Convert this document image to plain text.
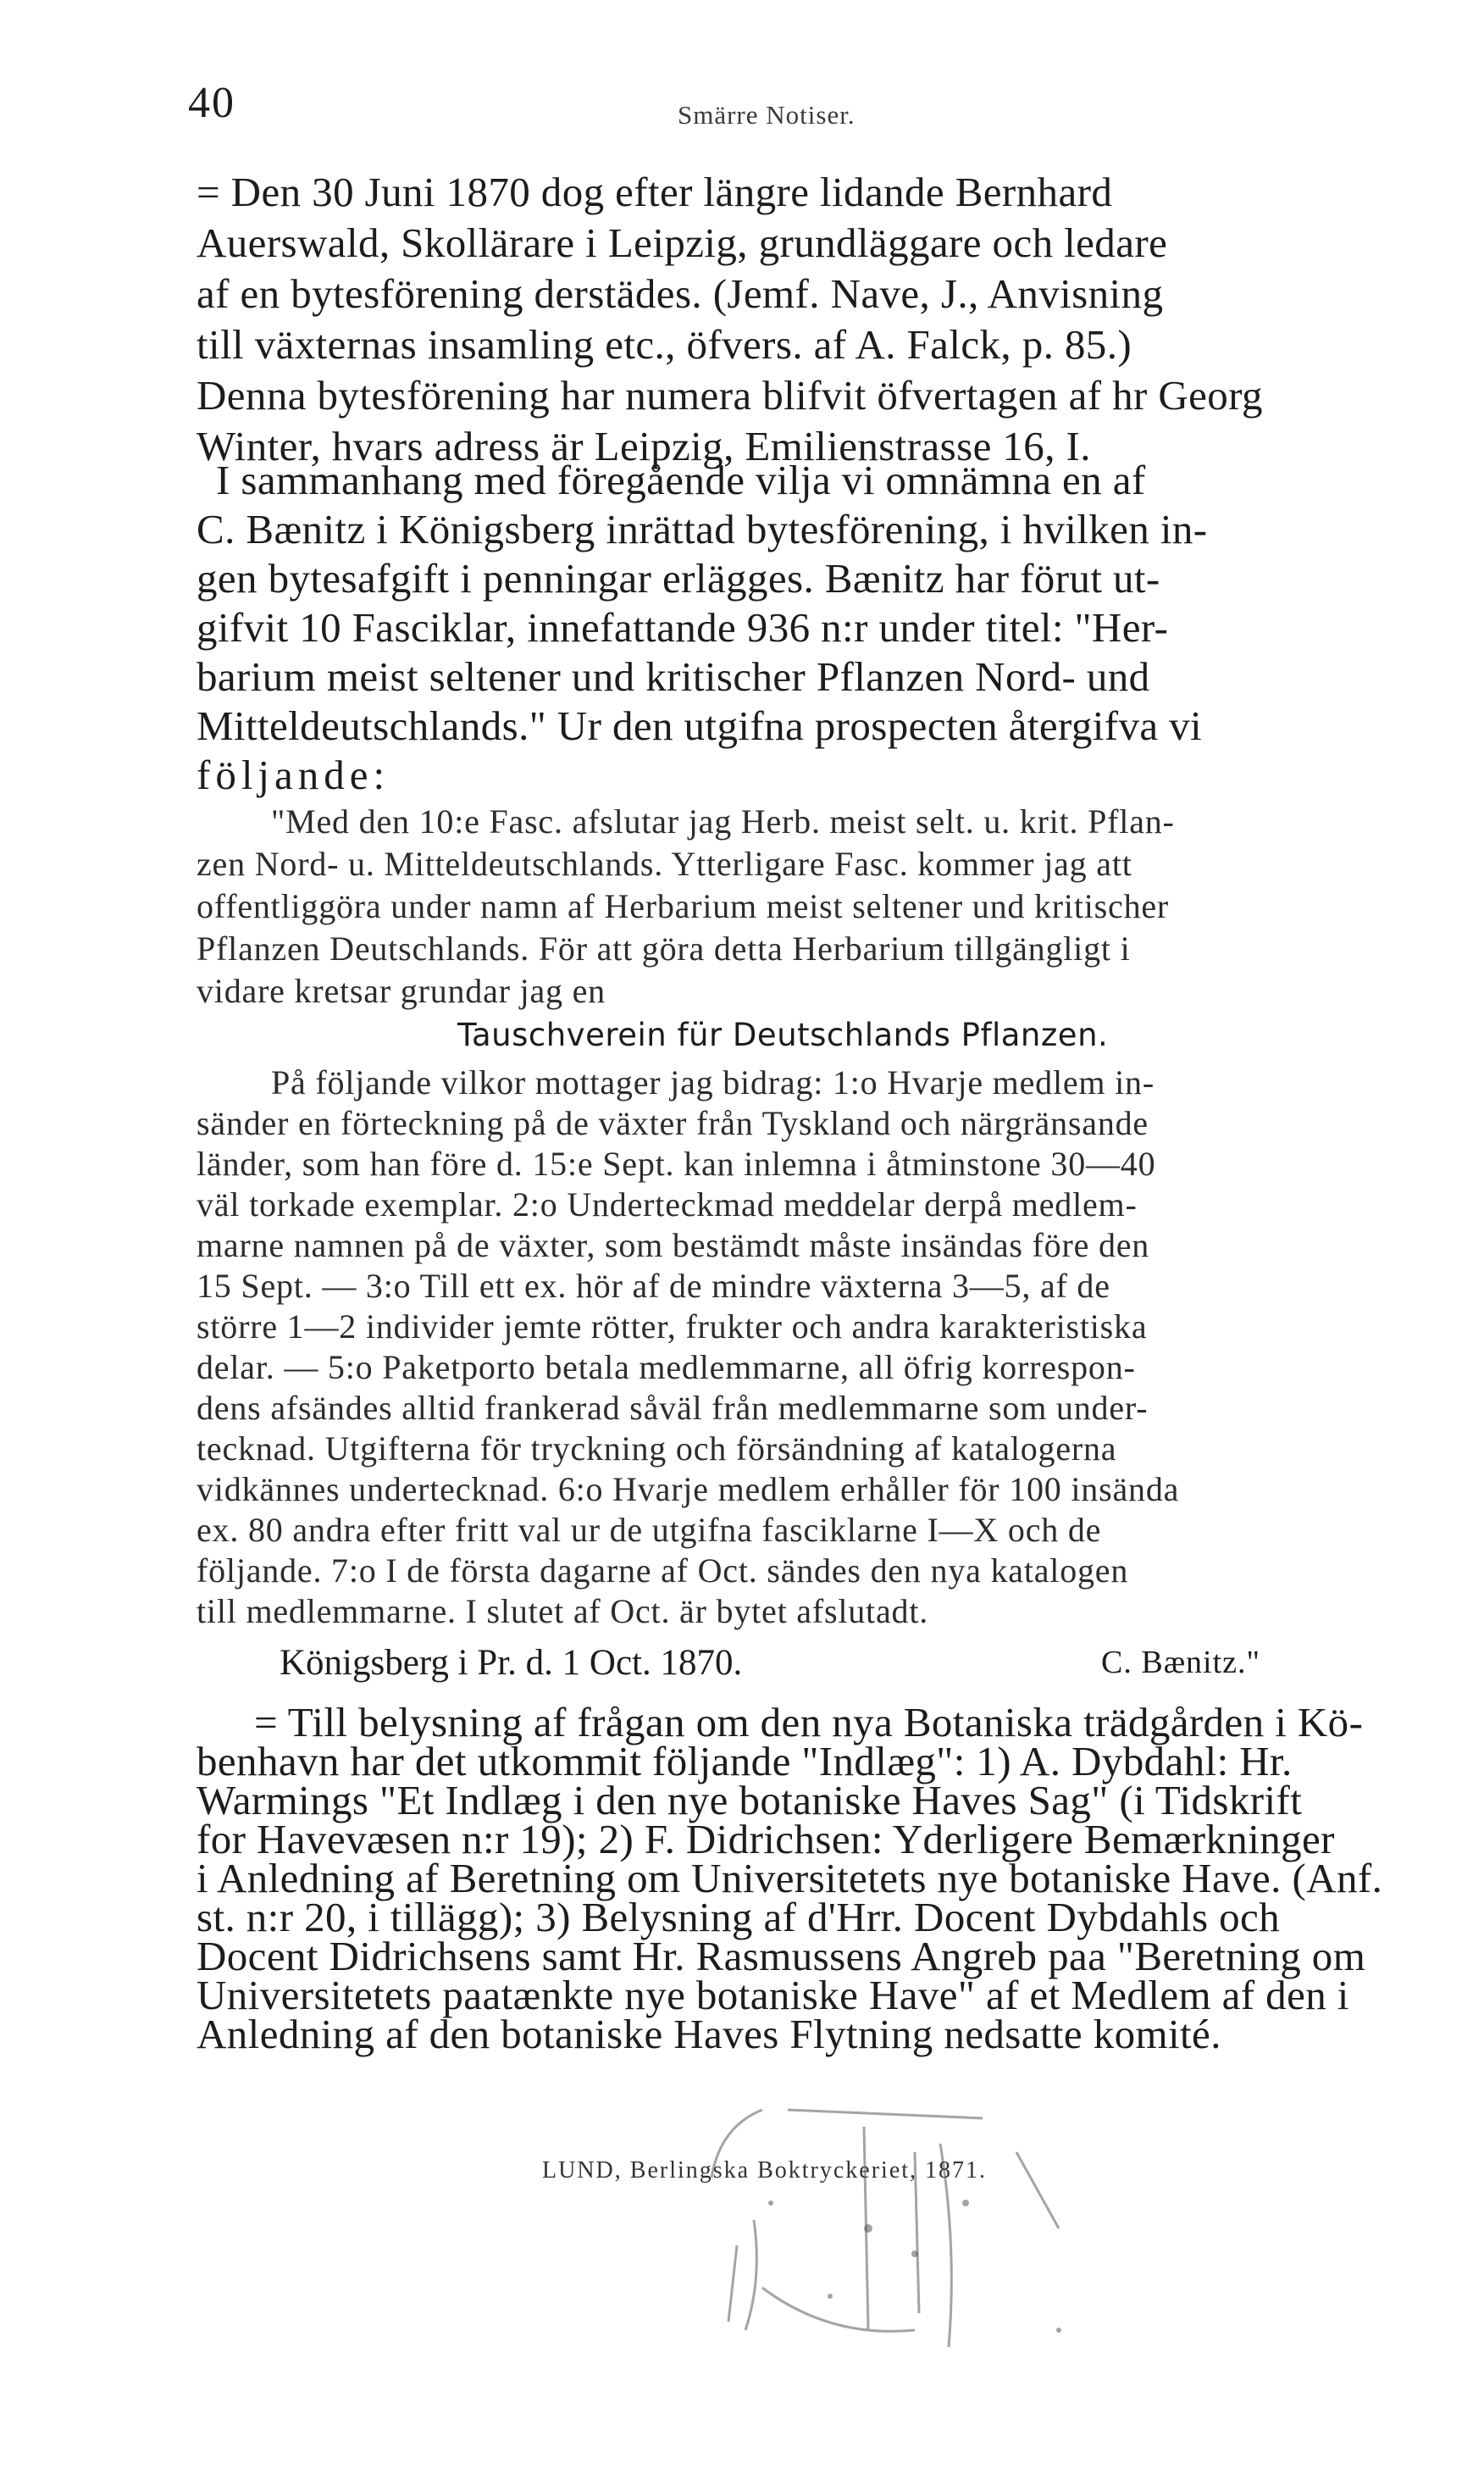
40	Smärre Notiser.
= Den 30 Juni 1870 dog efter längre lidande Bernhard
Auerswald, Skollärare i Leipzig, grundläggare och ledare
af en bytesförening derstädes. (Jemf. Nave, J., Anvisning
till växternas insamling etc., öfvers. af A. Falck, p. 85.)
Denna bytesförening har numera blifvit öfvertagen af hr Georg
Winter, hvars adress är Leipzig, Emilienstrasse 16, I.
I sammanhang med föregående vilja vi omnämna en af
C. Bænitz i Königsberg inrättad bytesförening, i hvilken in-
gen bytesafgift i penningar erlägges. Bænitz har förut ut-
gifvit 10 Fasciklar, innefattande 936 n:r under titel: "Her-
barium meist seltener und kritischer Pflanzen Nord- und
Mitteldeutschlands." Ur den utgifna prospecten återgifva vi
följande:
"Med den 10:e Fasc. afslutar jag Herb. meist selt. u. krit. Pflan-
zen Nord- u. Mitteldeutschlands. Ytterligare Fasc. kommer jag att
offentliggöra under namn af Herbarium meist seltener und kritischer
Pflanzen Deutschlands. För att göra detta Herbarium tillgängligt i
vidare kretsar grundar jag en
Tauschverein für Deutschlands Pflanzen.
På följande vilkor mottager jag bidrag: 1:o Hvarje medlem in-
sänder en förteckning på de växter från Tyskland och närgränsande
länder, som han före d. 15:e Sept. kan inlemna i åtminstone 30—40
väl torkade exemplar. 2:o Underteckmad meddelar derpå medlem-
marne namnen på de växter, som bestämdt måste insändas före den
15 Sept. — 3:o Till ett ex. hör af de mindre växterna 3—5, af de
större 1—2 individer jemte rötter, frukter och andra karakteristiska
delar. — 5:o Paketporto betala medlemmarne, all öfrig korrespon-
dens afsändes alltid frankerad såväl från medlemmarne som under-
tecknad. Utgifterna för tryckning och försändning af katalogerna
vidkännes undertecknad. 6:o Hvarje medlem erhåller för 100 insända
ex. 80 andra efter fritt val ur de utgifna fasciklarne I—X och de
följande. 7:o I de första dagarne af Oct. sändes den nya katalogen
till medlemmarne. I slutet af Oct. är bytet afslutadt.
Königsberg i Pr. d. 1 Oct. 1870.	C. Bænitz."
= Till belysning af frågan om den nya Botaniska trädgården i Kö-
benhavn har det utkommit följande "Indlæg": 1) A. Dybdahl: Hr.
Warmings "Et Indlæg i den nye botaniske Haves Sag" (i Tidskrift
for Havevæsen n:r 19); 2) F. Didrichsen: Yderligere Bemærkninger
i Anledning af Beretning om Universitetets nye botaniske Have. (Anf.
st. n:r 20, i tillägg); 3) Belysning af d'Hrr. Docent Dybdahls och
Docent Didrichsens samt Hr. Rasmussens Angreb paa "Beretning om
Universitetets paatænkte nye botaniske Have" af et Medlem af den i
Anledning af den botaniske Haves Flytning nedsatte komité.
LUND, Berlingska Boktryckeriet, 1871.
